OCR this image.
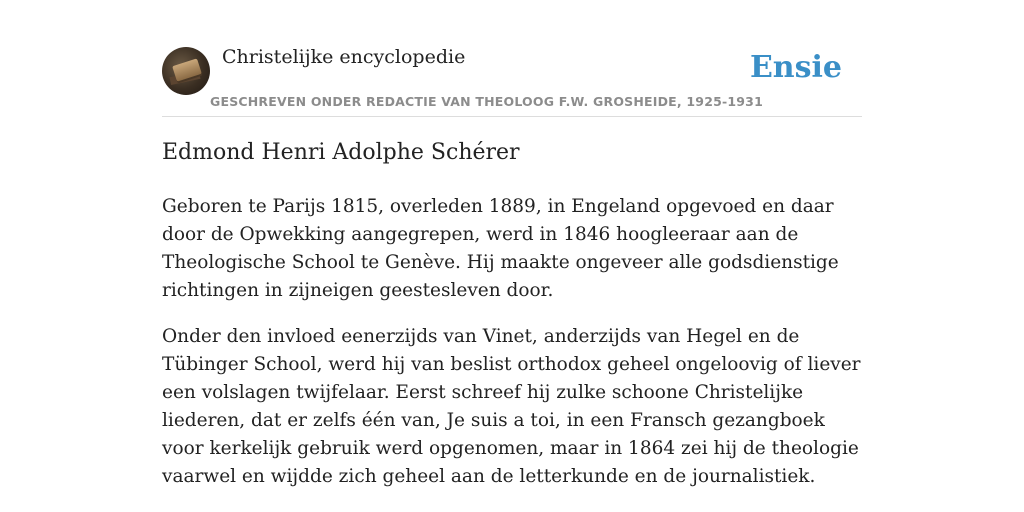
Christelijke encyclopedie
GESCHREVEN ONDER REDACTIE VAN THEOLOOG F.W. GROSHEIDE, 1925-1931
Ensie
Edmond Henri Adolphe Schérer

Geboren te Parijs 1815, overleden 1889, in Engeland opgevoed en daar door de Opwekking aangegrepen, werd in 1846 hoogleeraar aan de Theologische School te Genève. Hij maakte ongeveer alle godsdienstige richtingen in zijneigen geestesleven door.

Onder den invloed eenerzijds van Vinet, anderzijds van Hegel en de Tübinger School, werd hij van beslist orthodox geheel ongeloovig of liever een volslagen twijfelaar. Eerst schreef hij zulke schoone Christelijke liederen, dat er zelfs één van, Je suis a toi, in een Fransch gezangboek voor kerkelijk gebruik werd opgenomen, maar in 1864 zei hij de theologie vaarwel en wijdde zich geheel aan de letterkunde en de journalistiek.
